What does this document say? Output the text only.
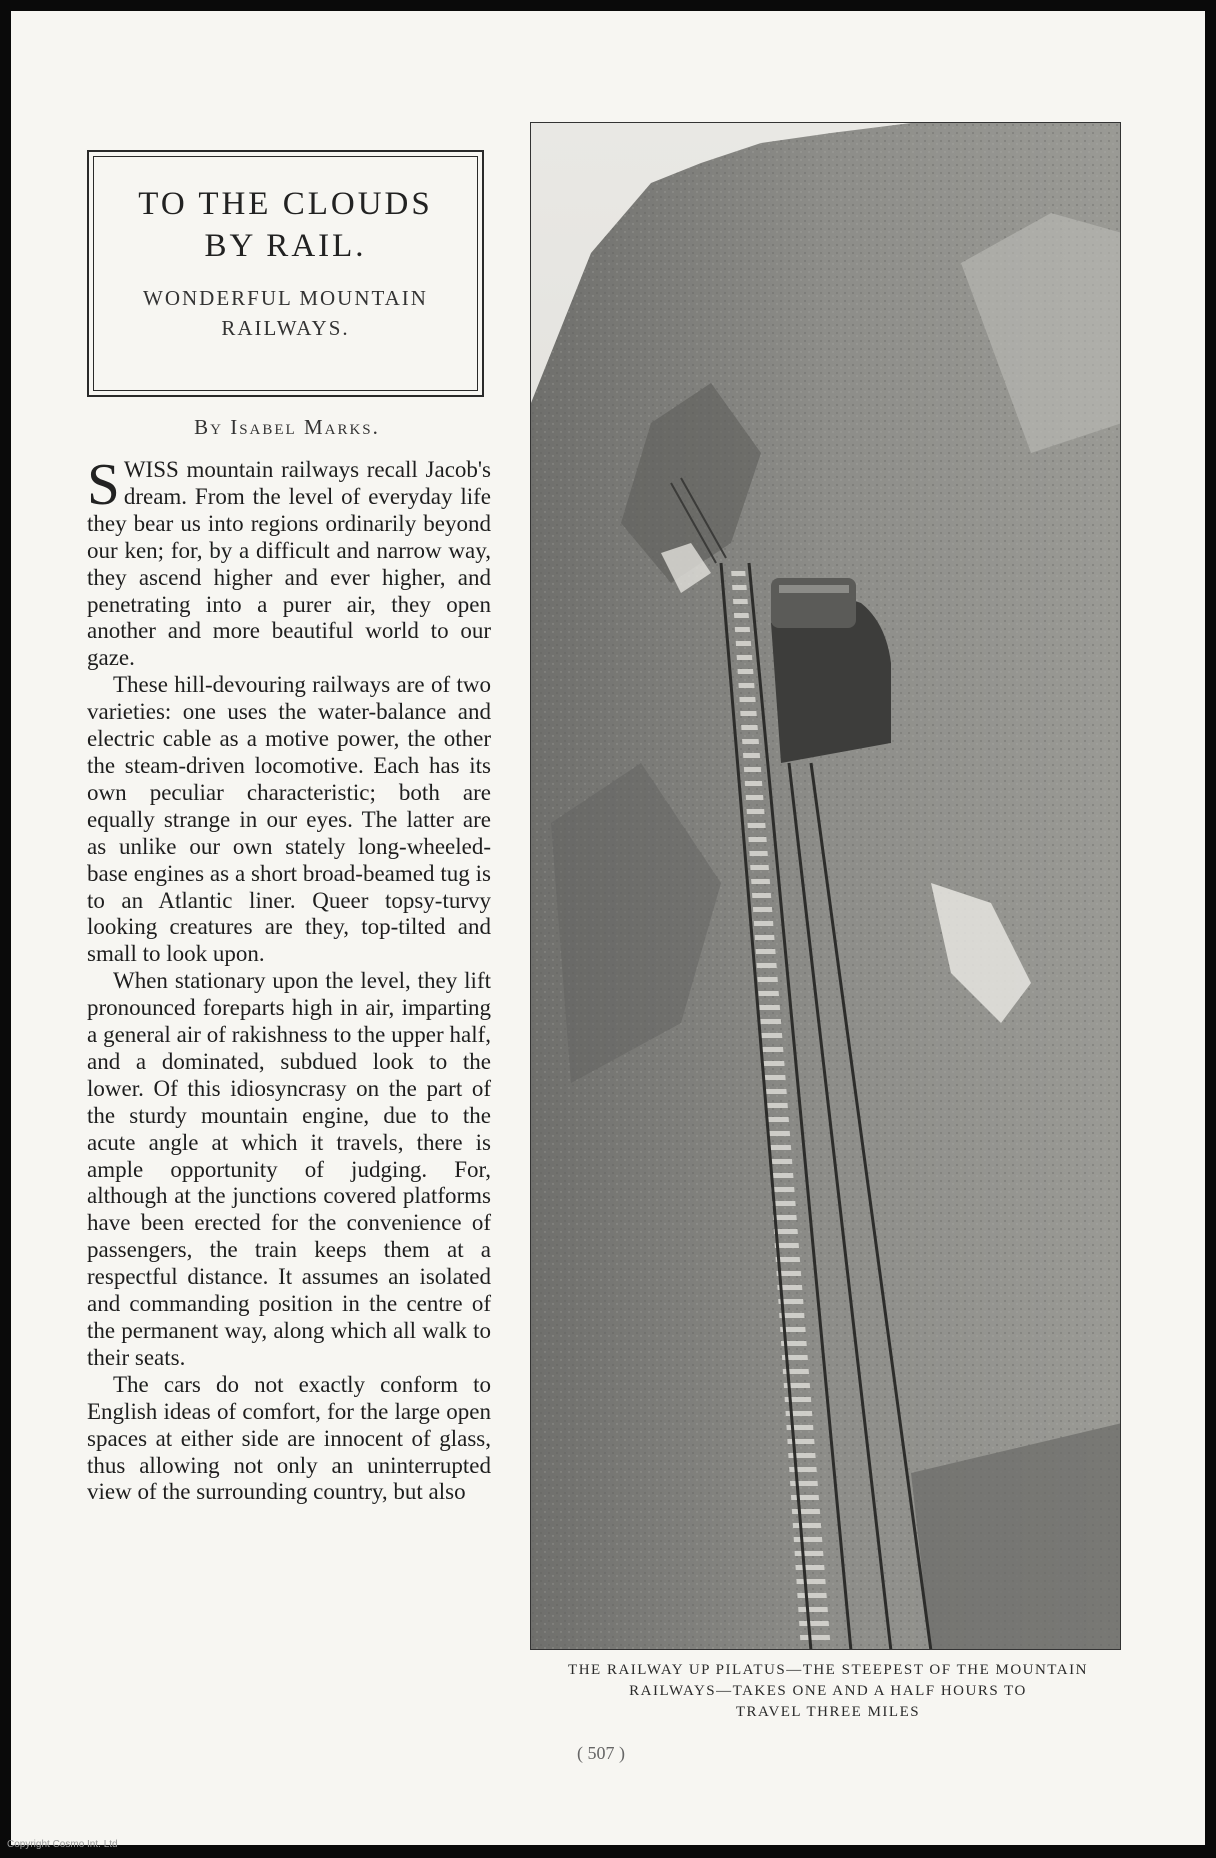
TO THE CLOUDS
BY RAIL.
WONDERFUL MOUNTAIN
RAILWAYS.
By Isabel Marks.

SWISS mountain railways recall Jacob's dream. From the level of everyday life they bear us into regions ordinarily beyond our ken; for, by a difficult and narrow way, they ascend higher and ever higher, and penetrating into a purer air, they open another and more beautiful world to our gaze.

These hill-devouring railways are of two varieties: one uses the water-balance and electric cable as a motive power, the other the steam-driven locomotive. Each has its own peculiar characteristic; both are equally strange in our eyes. The latter are as unlike our own stately long-wheeled-base engines as a short broad-beamed tug is to an Atlantic liner. Queer topsy-turvy looking creatures are they, top-tilted and small to look upon.

When stationary upon the level, they lift pronounced foreparts high in air, imparting a general air of rakishness to the upper half, and a dominated, subdued look to the lower. Of this idiosyncrasy on the part of the sturdy mountain engine, due to the acute angle at which it travels, there is ample opportunity of judging. For, although at the junctions covered platforms have been erected for the convenience of passengers, the train keeps them at a respectful distance. It assumes an isolated and commanding position in the centre of the permanent way, along which all walk to their seats.

The cars do not exactly conform to English ideas of comfort, for the large open spaces at either side are innocent of glass, thus allowing not only an uninterrupted view of the surrounding country, but also

THE RAILWAY UP PILATUS—THE STEEPEST OF THE MOUNTAIN
RAILWAYS—TAKES ONE AND A HALF HOURS TO
TRAVEL THREE MILES
( 507 )
Copyright Cosmo Int. Ltd
